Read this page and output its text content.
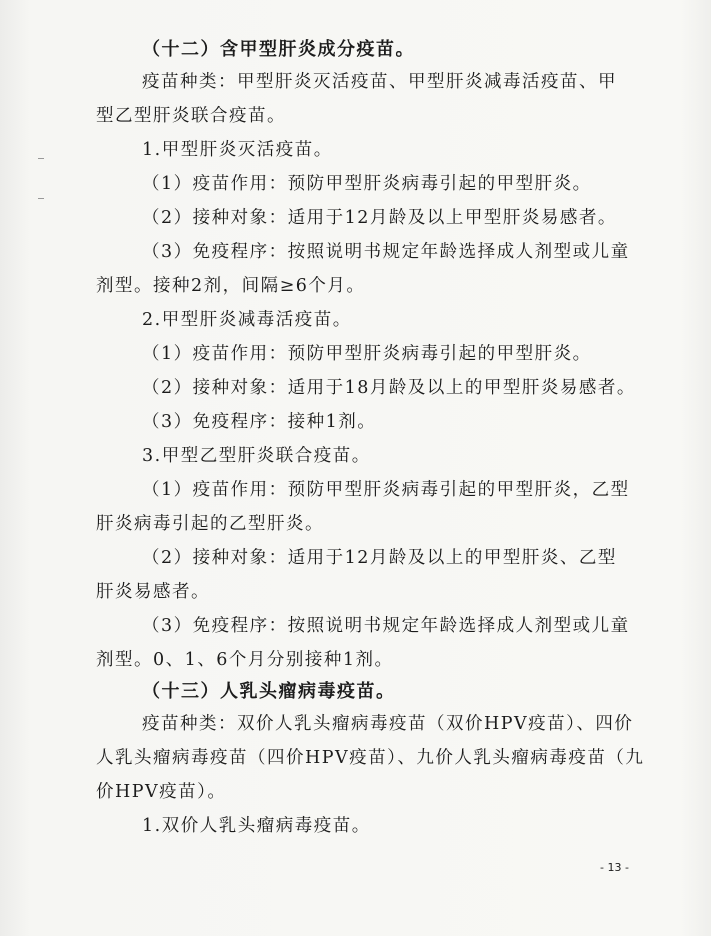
（十二）含甲型肝炎成分疫苗。
疫苗种类：甲型肝炎灭活疫苗、甲型肝炎减毒活疫苗、甲
型乙型肝炎联合疫苗。
1.甲型肝炎灭活疫苗。
（1）疫苗作用：预防甲型肝炎病毒引起的甲型肝炎。
（2）接种对象：适用于12月龄及以上甲型肝炎易感者。
（3）免疫程序：按照说明书规定年龄选择成人剂型或儿童
剂型。接种2剂，间隔≥6个月。
2.甲型肝炎减毒活疫苗。
（1）疫苗作用：预防甲型肝炎病毒引起的甲型肝炎。
（2）接种对象：适用于18月龄及以上的甲型肝炎易感者。
（3）免疫程序：接种1剂。
3.甲型乙型肝炎联合疫苗。
（1）疫苗作用：预防甲型肝炎病毒引起的甲型肝炎，乙型
肝炎病毒引起的乙型肝炎。
（2）接种对象：适用于12月龄及以上的甲型肝炎、乙型
肝炎易感者。
（3）免疫程序：按照说明书规定年龄选择成人剂型或儿童
剂型。0、1、6个月分别接种1剂。
（十三）人乳头瘤病毒疫苗。
疫苗种类：双价人乳头瘤病毒疫苗（双价HPV疫苗）、四价
人乳头瘤病毒疫苗（四价HPV疫苗）、九价人乳头瘤病毒疫苗（九
价HPV疫苗）。
1.双价人乳头瘤病毒疫苗。
- 13 -
